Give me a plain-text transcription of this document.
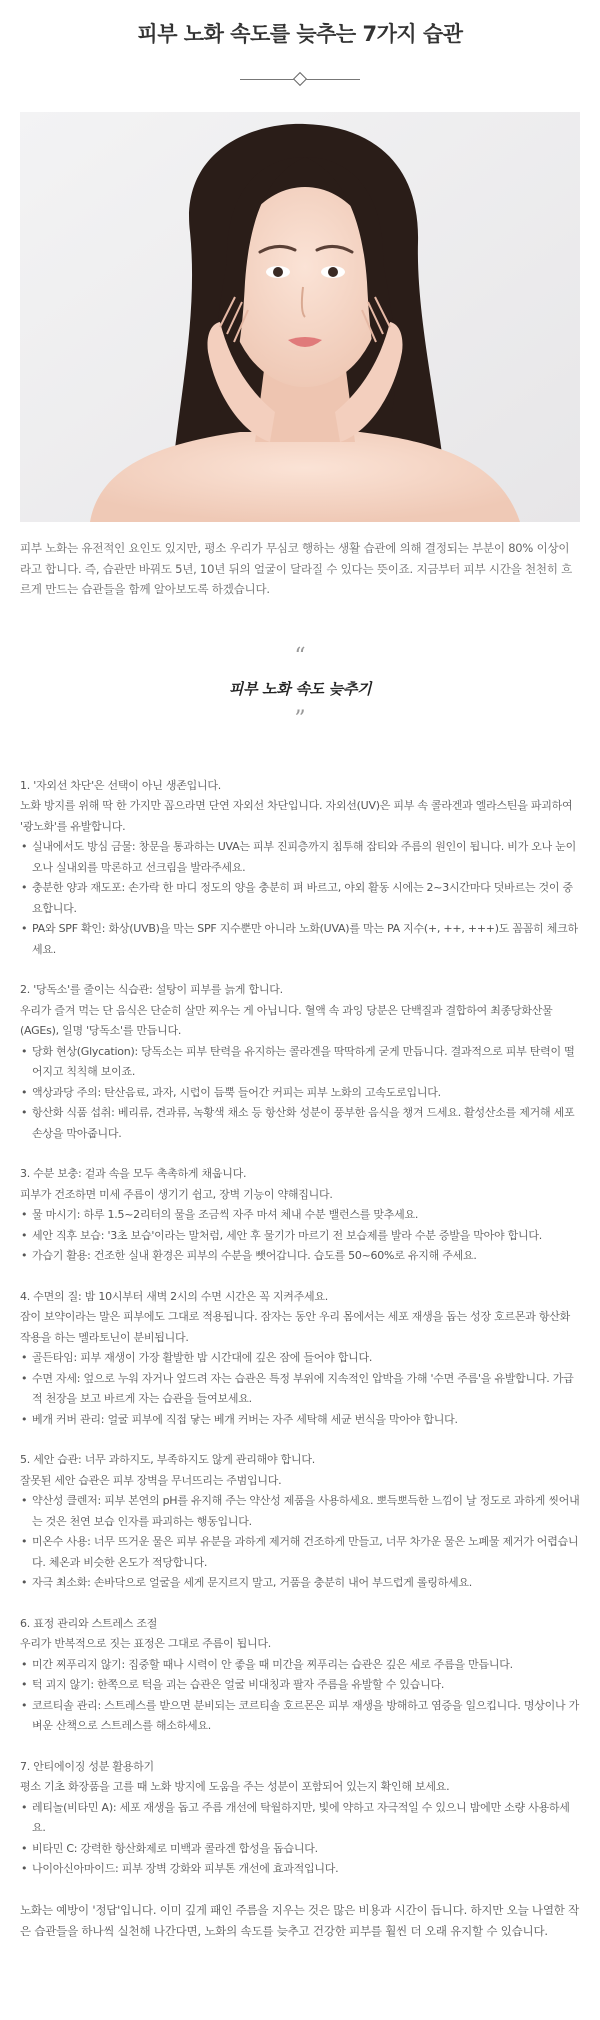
피부 노화 속도를 늦추는 7가지 습관

피부 노화는 유전적인 요인도 있지만, 평소 우리가 무심코 행하는 생활 습관에 의해 결정되는 부분이 80% 이상이라고 합니다. 즉, 습관만 바꿔도 5년, 10년 뒤의 얼굴이 달라질 수 있다는 뜻이죠. 지금부터 피부 시간을 천천히 흐르게 만드는 습관들을 함께 알아보도록 하겠습니다.

“
피부 노화 속도 늦추기
”

1. '자외선 차단'은 선택이 아닌 생존입니다.

노화 방지를 위해 딱 한 가지만 꼽으라면 단연 자외선 차단입니다. 자외선(UV)은 피부 속 콜라겐과 엘라스틴을 파괴하여 '광노화'를 유발합니다.

• 실내에서도 방심 금물: 창문을 통과하는 UVA는 피부 진피층까지 침투해 잡티와 주름의 원인이 됩니다. 비가 오나 눈이 오나 실내외를 막론하고 선크림을 발라주세요.
• 충분한 양과 재도포: 손가락 한 마디 정도의 양을 충분히 펴 바르고, 야외 활동 시에는 2~3시간마다 덧바르는 것이 중요합니다.
• PA와 SPF 확인: 화상(UVB)을 막는 SPF 지수뿐만 아니라 노화(UVA)를 막는 PA 지수(+, ++, +++)도 꼼꼼히 체크하세요.

2. '당독소'를 줄이는 식습관: 설탕이 피부를 늙게 합니다.

우리가 즐겨 먹는 단 음식은 단순히 살만 찌우는 게 아닙니다. 혈액 속 과잉 당분은 단백질과 결합하여 최종당화산물(AGEs), 일명 '당독소'를 만듭니다.

• 당화 현상(Glycation): 당독소는 피부 탄력을 유지하는 콜라겐을 딱딱하게 굳게 만듭니다. 결과적으로 피부 탄력이 떨어지고 칙칙해 보이죠.
• 액상과당 주의: 탄산음료, 과자, 시럽이 듬뿍 들어간 커피는 피부 노화의 고속도로입니다.
• 항산화 식품 섭취: 베리류, 견과류, 녹황색 채소 등 항산화 성분이 풍부한 음식을 챙겨 드세요. 활성산소를 제거해 세포 손상을 막아줍니다.

3. 수분 보충: 겉과 속을 모두 촉촉하게 채웁니다.

피부가 건조하면 미세 주름이 생기기 쉽고, 장벽 기능이 약해집니다.

• 물 마시기: 하루 1.5~2리터의 물을 조금씩 자주 마셔 체내 수분 밸런스를 맞추세요.
• 세안 직후 보습: '3초 보습'이라는 말처럼, 세안 후 물기가 마르기 전 보습제를 발라 수분 증발을 막아야 합니다.
• 가습기 활용: 건조한 실내 환경은 피부의 수분을 뺏어갑니다. 습도를 50~60%로 유지해 주세요.

4. 수면의 질: 밤 10시부터 새벽 2시의 수면 시간은 꼭 지켜주세요.

잠이 보약이라는 말은 피부에도 그대로 적용됩니다. 잠자는 동안 우리 몸에서는 세포 재생을 돕는 성장 호르몬과 항산화 작용을 하는 멜라토닌이 분비됩니다.

• 골든타임: 피부 재생이 가장 활발한 밤 시간대에 깊은 잠에 들어야 합니다.
• 수면 자세: 엎으로 누워 자거나 엎드려 자는 습관은 특정 부위에 지속적인 압박을 가해 '수면 주름'을 유발합니다. 가급적 천장을 보고 바르게 자는 습관을 들여보세요.
• 베개 커버 관리: 얼굴 피부에 직접 닿는 베개 커버는 자주 세탁해 세균 번식을 막아야 합니다.

5. 세안 습관: 너무 과하지도, 부족하지도 않게 관리해야 합니다.

잘못된 세안 습관은 피부 장벽을 무너뜨리는 주범입니다.

• 약산성 클렌저: 피부 본연의 pH를 유지해 주는 약산성 제품을 사용하세요. 뽀득뽀득한 느낌이 날 정도로 과하게 씻어내는 것은 천연 보습 인자를 파괴하는 행동입니다.
• 미온수 사용: 너무 뜨거운 물은 피부 유분을 과하게 제거해 건조하게 만들고, 너무 차가운 물은 노폐물 제거가 어렵습니다. 체온과 비슷한 온도가 적당합니다.
• 자극 최소화: 손바닥으로 얼굴을 세게 문지르지 말고, 거품을 충분히 내어 부드럽게 롤링하세요.

6. 표정 관리와 스트레스 조절

우리가 반복적으로 짓는 표정은 그대로 주름이 됩니다.

• 미간 찌푸리지 않기: 집중할 때나 시력이 안 좋을 때 미간을 찌푸리는 습관은 깊은 세로 주름을 만듭니다.
• 턱 괴지 않기: 한쪽으로 턱을 괴는 습관은 얼굴 비대칭과 팔자 주름을 유발할 수 있습니다.
• 코르티솔 관리: 스트레스를 받으면 분비되는 코르티솔 호르몬은 피부 재생을 방해하고 염증을 일으킵니다. 명상이나 가벼운 산책으로 스트레스를 해소하세요.

7. 안티에이징 성분 활용하기

평소 기초 화장품을 고를 때 노화 방지에 도움을 주는 성분이 포함되어 있는지 확인해 보세요.

• 레티놀(비타민 A): 세포 재생을 돕고 주름 개선에 탁월하지만, 빛에 약하고 자극적일 수 있으니 밤에만 소량 사용하세요.
• 비타민 C: 강력한 항산화제로 미백과 콜라겐 합성을 돕습니다.
• 나이아신아마이드: 피부 장벽 강화와 피부톤 개선에 효과적입니다.

노화는 예방이 '정답'입니다. 이미 깊게 패인 주름을 지우는 것은 많은 비용과 시간이 듭니다. 하지만 오늘 나열한 작은 습관들을 하나씩 실천해 나간다면, 노화의 속도를 늦추고 건강한 피부를 훨씬 더 오래 유지할 수 있습니다.
